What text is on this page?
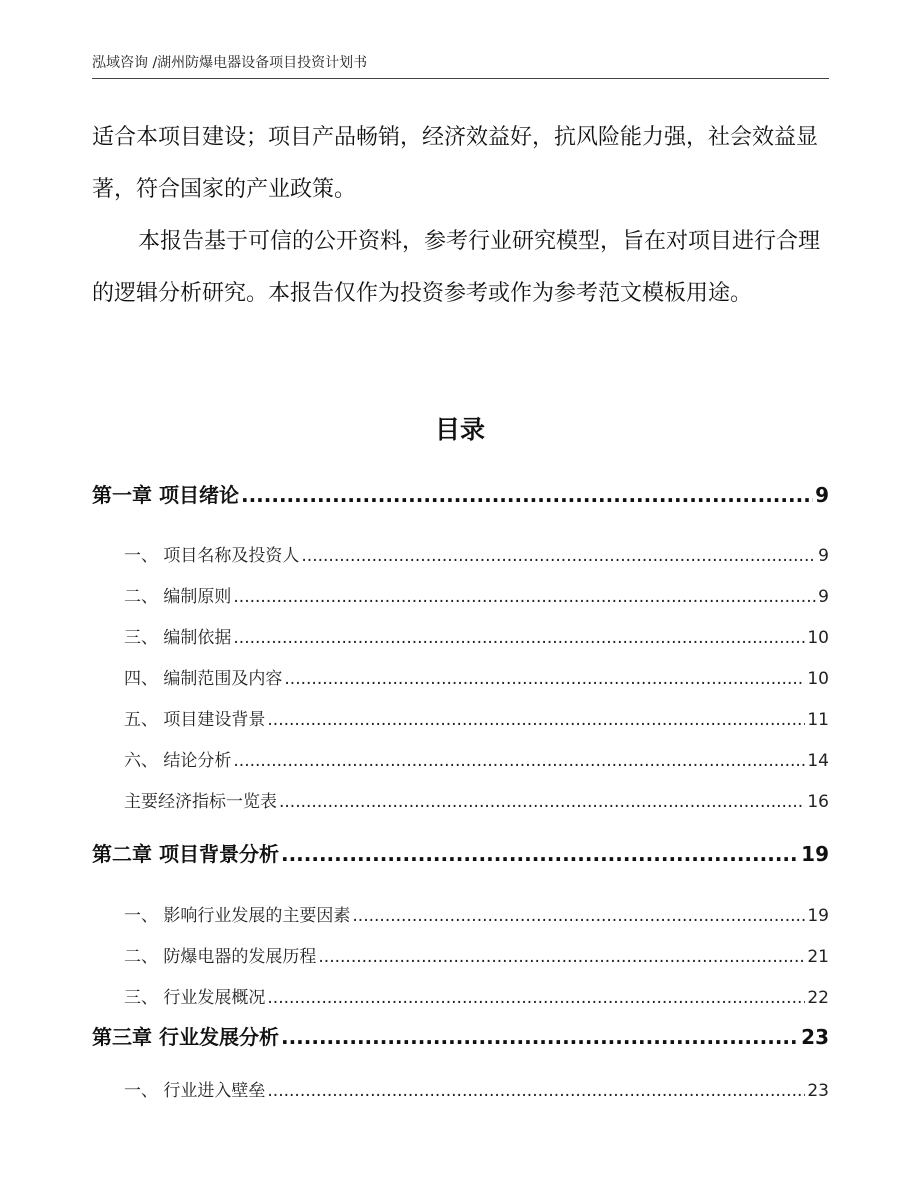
泓域咨询 /湖州防爆电器设备项目投资计划书

适合本项目建设；项目产品畅销，经济效益好，抗风险能力强，社会效益显著，符合国家的产业政策。

本报告基于可信的公开资料，参考行业研究模型，旨在对项目进行合理的逻辑分析研究。本报告仅作为投资参考或作为参考范文模板用途。

目录
第一章 项目绪论 .....	9
一、 项目名称及投资人 .....	9
二、 编制原则 .....	9
三、 编制依据 .....	10
四、 编制范围及内容 .....	10
五、 项目建设背景 .....	11
六、 结论分析 .....	14
主要经济指标一览表 .....	16
第二章 项目背景分析 .....	19
一、 影响行业发展的主要因素 .....	19
二、 防爆电器的发展历程 .....	21
三、 行业发展概况 .....	22
第三章 行业发展分析 .....	23
一、 行业进入壁垒 .....	23
